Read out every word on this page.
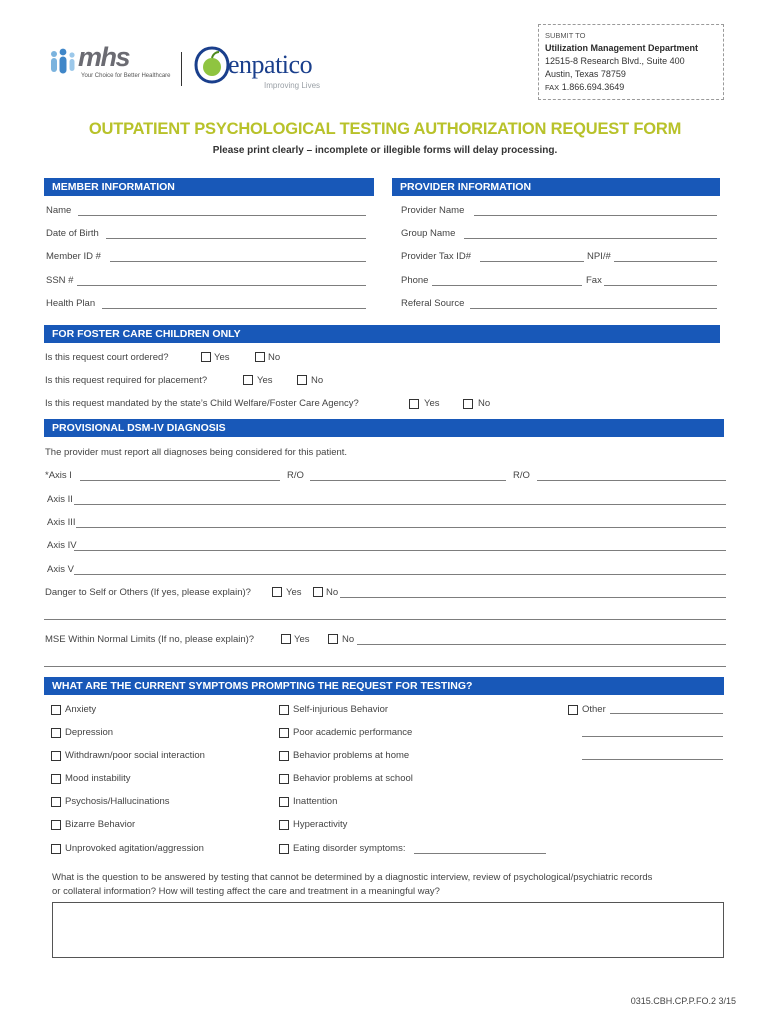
mhs
Your Choice for Better Healthcare enpatico
Improving Lives
SUBMIT TO
Utilization Management Department
12515-8 Research Blvd., Suite 400
Austin, Texas 78759
FAX 1.866.694.3649
OUTPATIENT PSYCHOLOGICAL TESTING AUTHORIZATION REQUEST FORM
Please print clearly – incomplete or illegible forms will delay processing.
MEMBER INFORMATION	PROVIDER INFORMATION
Name
Date of Birth
Member ID #
SSN #
Health Plan
Provider Name
Group Name
Provider Tax ID#	NPI/#
Phone	Fax
Referal Source
FOR FOSTER CARE CHILDREN ONLY
Is this request court ordered?	Yes	No
Is this request required for placement?	Yes	No
Is this request mandated by the state’s Child Welfare/Foster Care Agency?	Yes	No
PROVISIONAL DSM-IV DIAGNOSIS
The provider must report all diagnoses being considered for this patient.
*Axis I	R/O	R/O
Axis II
Axis III
Axis IV
Axis V
Danger to Self or Others (If yes, please explain)?	Yes	No
MSE Within Normal Limits (If no, please explain)?	Yes	No
WHAT ARE THE CURRENT SYMPTOMS PROMPTING THE REQUEST FOR TESTING?
Anxiety
Depression
Withdrawn/poor social interaction
Mood instability
Psychosis/Hallucinations
Bizarre Behavior
Unprovoked agitation/aggression
Self-injurious Behavior
Poor academic performance
Behavior problems at home
Behavior problems at school
Inattention
Hyperactivity
Eating disorder symptoms:
Other
What is the question to be answered by testing that cannot be determined by a diagnostic interview, review of psychological/psychiatric records
or collateral information? How will testing affect the care and treatment in a meaningful way?
0315.CBH.CP.P.FO.2 3/15
